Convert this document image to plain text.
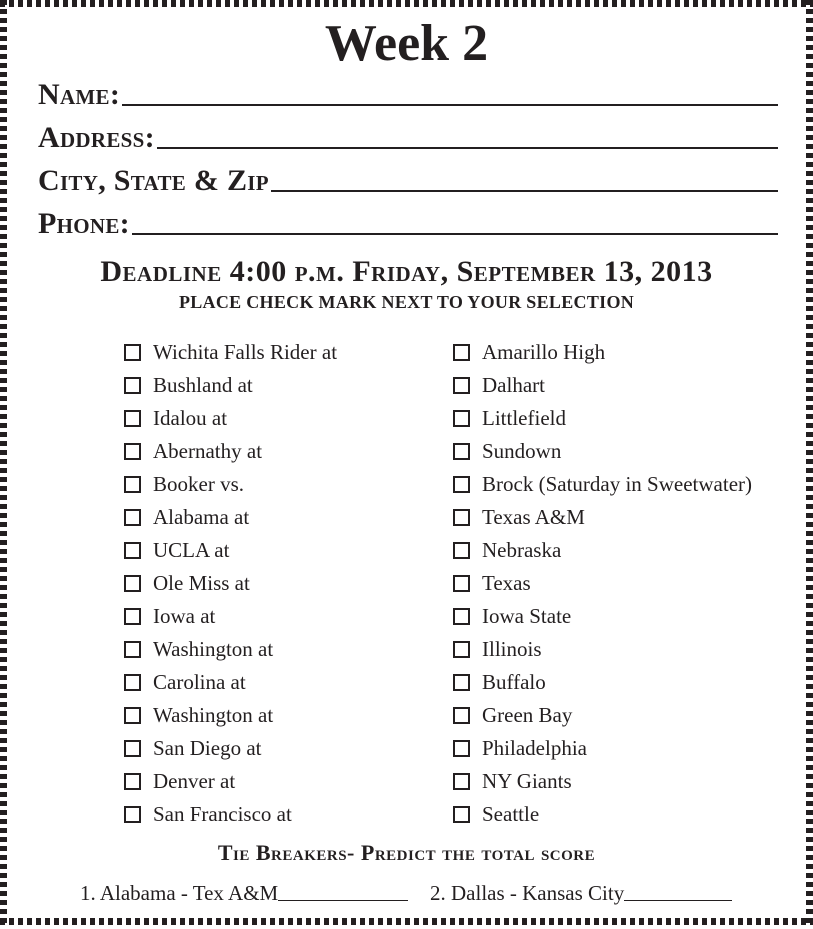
Week 2
Name:
Address:
City, State & Zip
Phone:
Deadline 4:00 p.m. Friday, September 13, 2013
PLACE CHECK MARK NEXT TO YOUR SELECTION
Wichita Falls Rider at
Bushland at
Idalou at
Abernathy at
Booker vs.
Alabama at
UCLA at
Ole Miss at
Iowa at
Washington at
Carolina at
Washington at
San Diego at
Denver at
San Francisco at
Amarillo High
Dalhart
Littlefield
Sundown
Brock (Saturday in Sweetwater)
Texas A&M
Nebraska
Texas
Iowa State
Illinois
Buffalo
Green Bay
Philadelphia
NY Giants
Seattle
Tie Breakers- Predict the total score
1. Alabama - Tex A&M	2. Dallas - Kansas City
